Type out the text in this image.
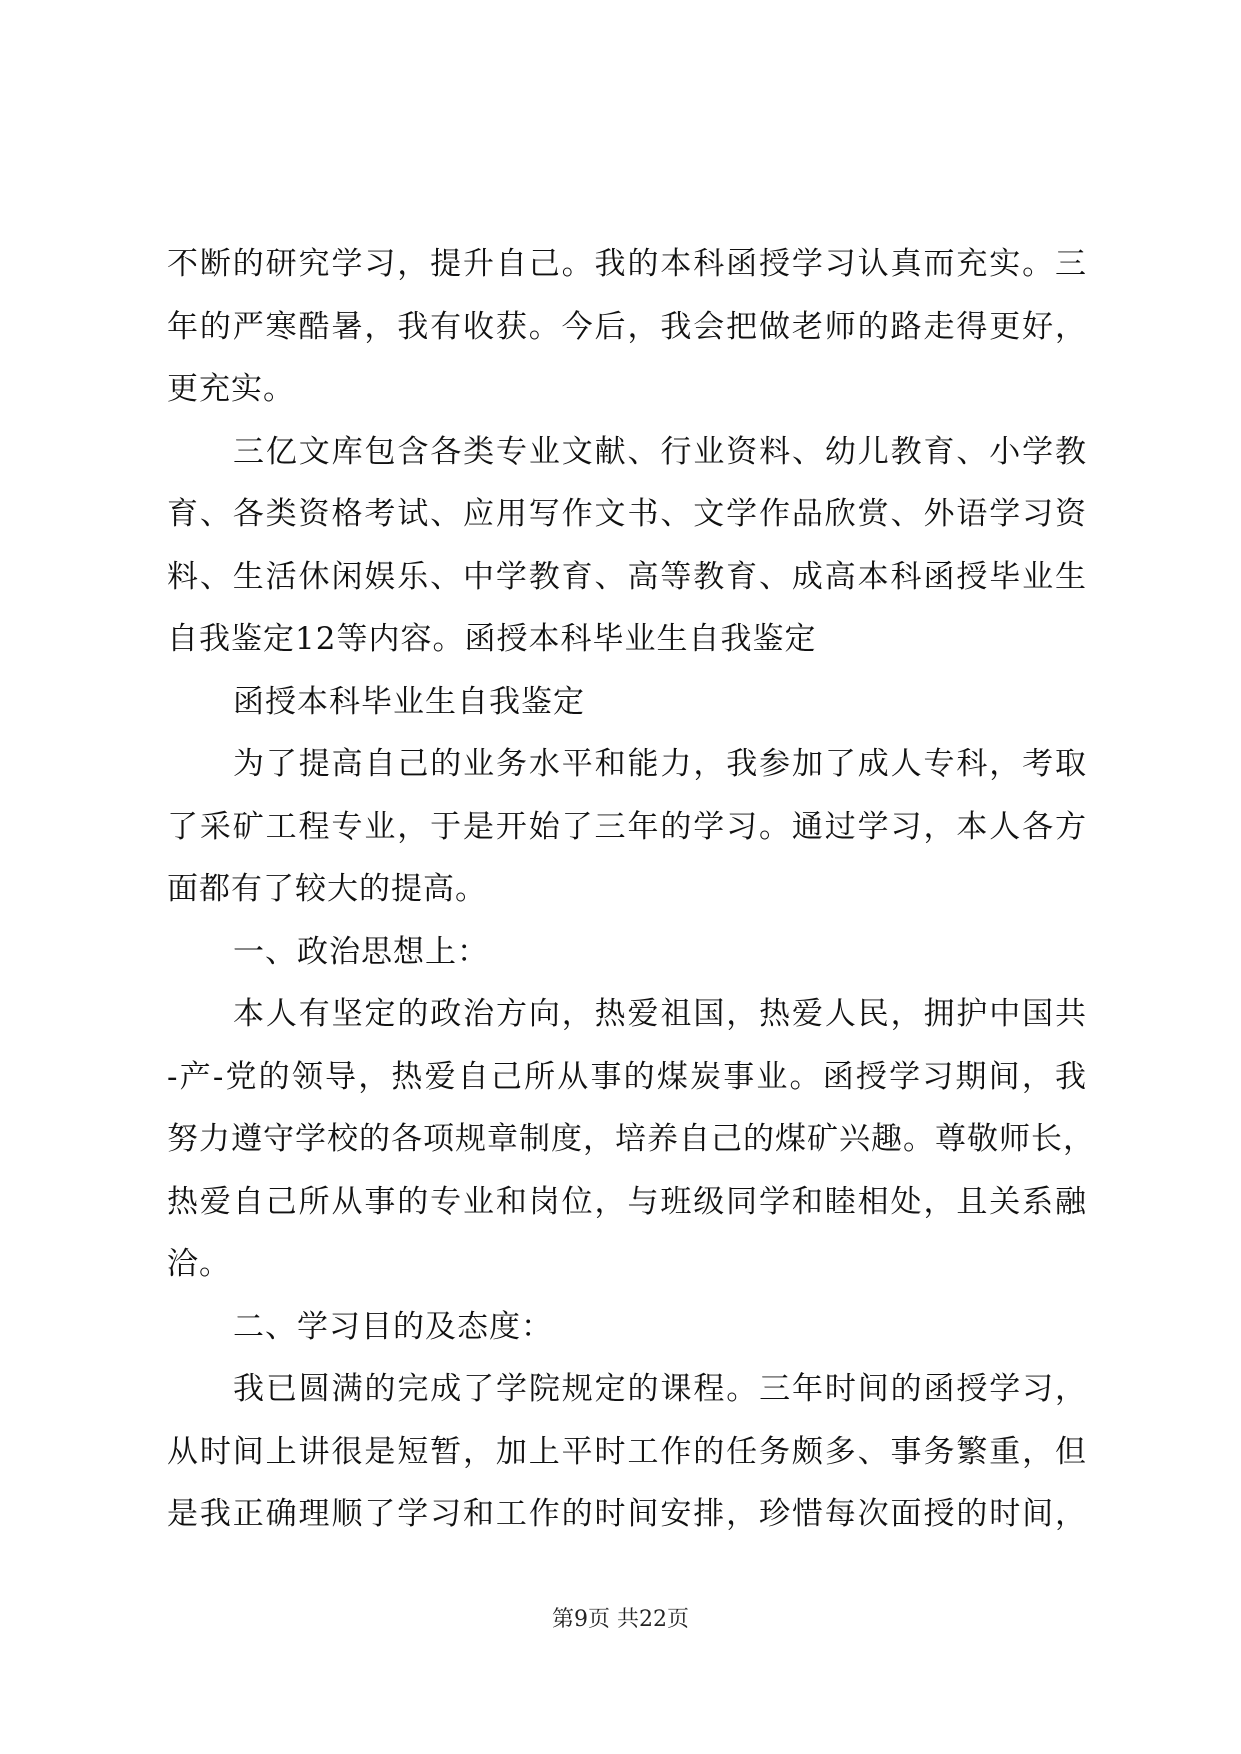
不断的研究学习，提升自己。我的本科函授学习认真而充实。三
年的严寒酷暑，我有收获。今后，我会把做老师的路走得更好，
更充实。
三亿文库包含各类专业文献、行业资料、幼儿教育、小学教
育、各类资格考试、应用写作文书、文学作品欣赏、外语学习资
料、生活休闲娱乐、中学教育、高等教育、成高本科函授毕业生
自我鉴定12等内容。函授本科毕业生自我鉴定
函授本科毕业生自我鉴定
为了提高自己的业务水平和能力，我参加了成人专科，考取
了采矿工程专业，于是开始了三年的学习。通过学习，本人各方
面都有了较大的提高。
一、政治思想上：
本人有坚定的政治方向，热爱祖国，热爱人民，拥护中国共
-产-党的领导，热爱自己所从事的煤炭事业。函授学习期间，我
努力遵守学校的各项规章制度，培养自己的煤矿兴趣。尊敬师长，
热爱自己所从事的专业和岗位，与班级同学和睦相处，且关系融
洽。
二、学习目的及态度：
我已圆满的完成了学院规定的课程。三年时间的函授学习，
从时间上讲很是短暂，加上平时工作的任务颇多、事务繁重，但
是我正确理顺了学习和工作的时间安排，珍惜每次面授的时间，
第9页 共22页
